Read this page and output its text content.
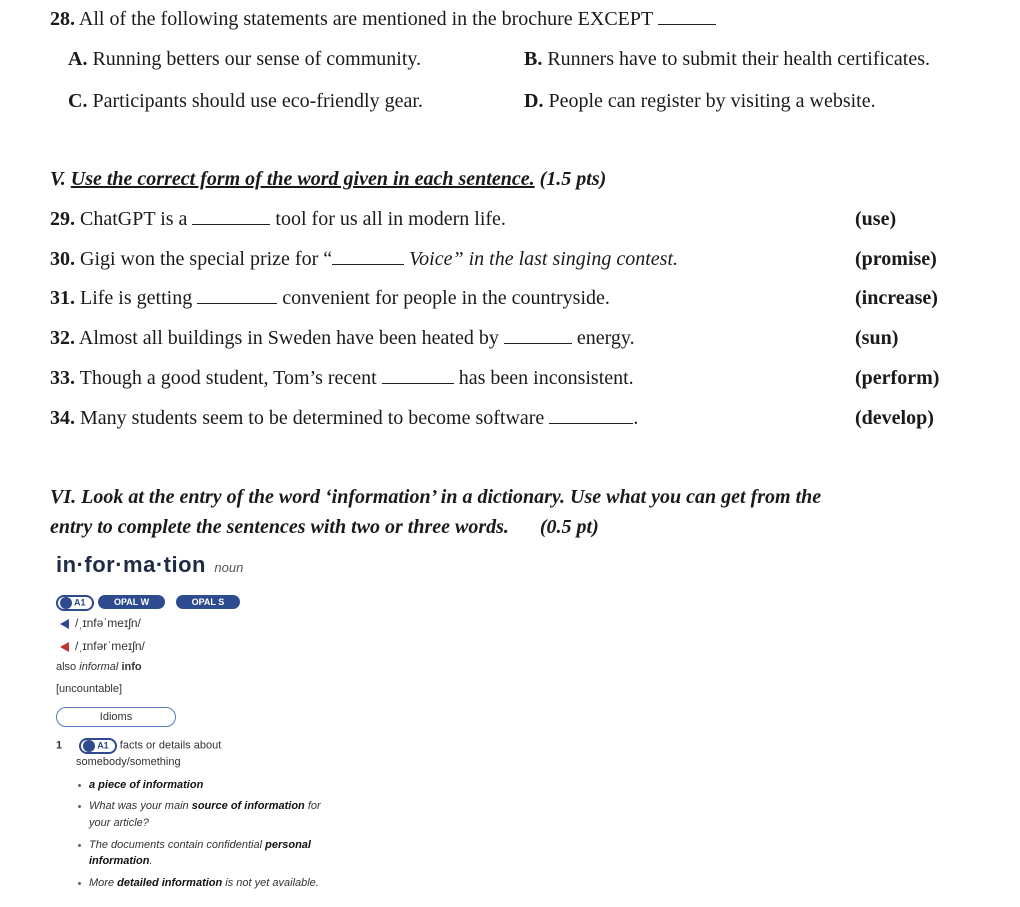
28. All of the following statements are mentioned in the brochure EXCEPT
A. Running betters our sense of community.	B. Runners have to submit their health certificates.
C. Participants should use eco-friendly gear.	D. People can register by visiting a website.
V. Use the correct form of the word given in each sentence. (1.5 pts)
29. ChatGPT is a	tool for us all in modern life.	(use)
30. Gigi won the special prize for “	Voice” in the last singing contest.	(promise)
31. Life is getting	convenient for people in the countryside.	(increase)
32. Almost all buildings in Sweden have been heated by	energy.	(sun)
33. Though a good student, Tom’s recent	has been inconsistent.	(perform)
34. Many students seem to be determined to become software	.	(develop)
VI. Look at the entry of the word ‘information’ in a dictionary. Use what you can get from the
entry to complete the sentences with two or three words. (0.5 pt)
in·for·ma·tion noun
A1	OPAL W	OPAL S
/ˌɪnfəˈmeɪʃn/
/ˌɪnfərˈmeɪʃn/
also informal info
[uncountable]
Idioms
1	A1 facts or details about
somebody/something
a piece of information
What was your main source of information for
your article?
The documents contain confidential personal
information.
More detailed information is not yet available.
